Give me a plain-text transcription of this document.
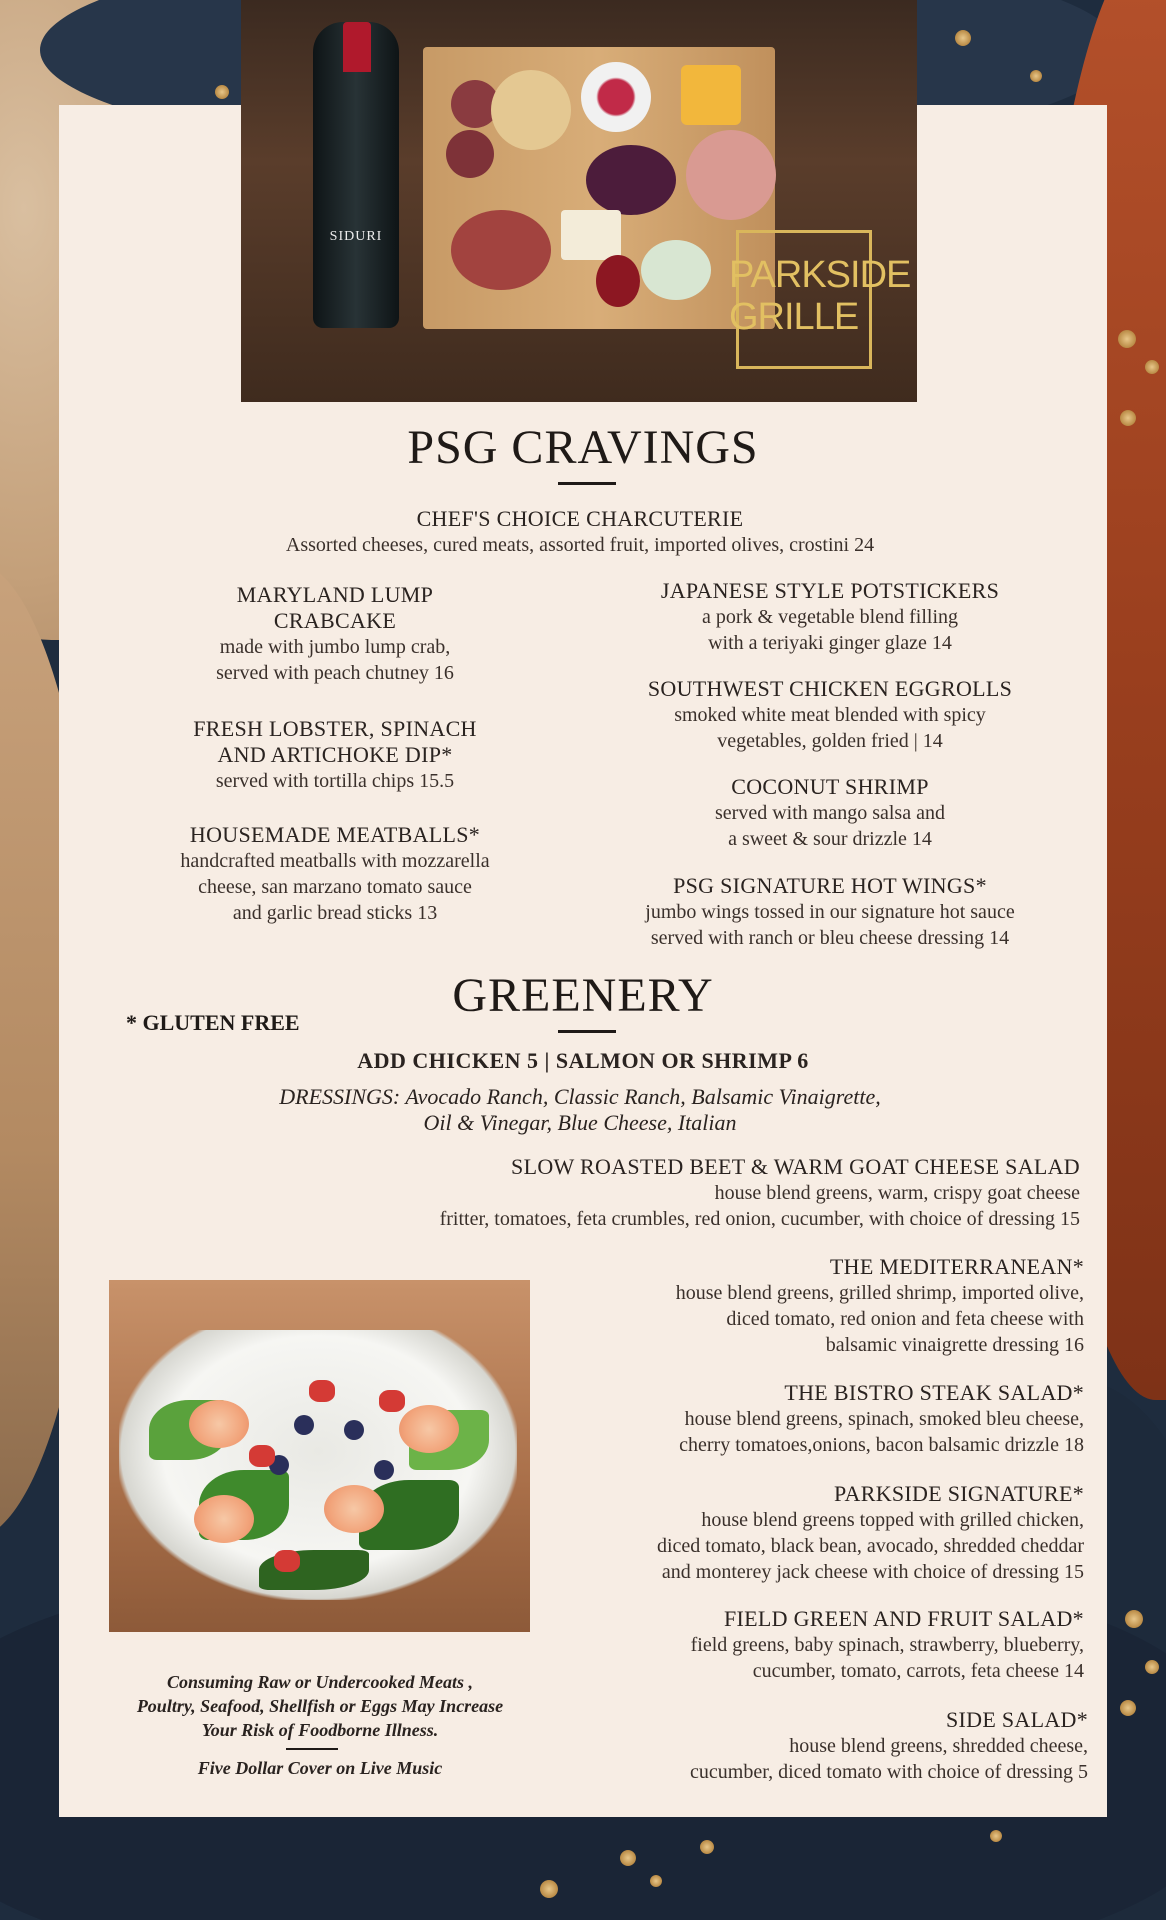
SIDURI
PARKSIDE
GRILLE
PSG CRAVINGS
CHEF'S CHOICE CHARCUTERIE
Assorted cheeses, cured meats, assorted fruit, imported olives, crostini 24
MARYLAND LUMP
CRABCAKE
made with jumbo lump crab,
served with peach chutney 16
FRESH LOBSTER, SPINACH
AND ARTICHOKE DIP*
served with tortilla chips 15.5
HOUSEMADE MEATBALLS*
handcrafted meatballs with mozzarella
cheese, san marzano tomato sauce
and garlic bread sticks 13
JAPANESE STYLE POTSTICKERS
a pork & vegetable blend filling
with a teriyaki ginger glaze 14
SOUTHWEST CHICKEN EGGROLLS
smoked white meat blended with spicy
vegetables, golden fried | 14
COCONUT SHRIMP
served with mango salsa and
a sweet & sour drizzle 14
PSG SIGNATURE HOT WINGS*
jumbo wings tossed in our signature hot sauce
served with ranch or bleu cheese dressing 14
GREENERY
* GLUTEN FREE
ADD CHICKEN 5 | SALMON OR SHRIMP 6
DRESSINGS: Avocado Ranch, Classic Ranch, Balsamic Vinaigrette,
Oil & Vinegar, Blue Cheese, Italian
SLOW ROASTED BEET & WARM GOAT CHEESE SALAD
house blend greens, warm, crispy goat cheese
fritter, tomatoes, feta crumbles, red onion, cucumber, with choice of dressing 15
THE MEDITERRANEAN*
house blend greens, grilled shrimp, imported olive,
diced tomato, red onion and feta cheese with
balsamic vinaigrette dressing 16
THE BISTRO STEAK SALAD*
house blend greens, spinach, smoked bleu cheese,
cherry tomatoes,onions, bacon balsamic drizzle 18
PARKSIDE SIGNATURE*
house blend greens topped with grilled chicken,
diced tomato, black bean, avocado, shredded cheddar
and monterey jack cheese with choice of dressing 15
FIELD GREEN AND FRUIT SALAD*
field greens, baby spinach, strawberry, blueberry,
cucumber, tomato, carrots, feta cheese 14
SIDE SALAD*
house blend greens, shredded cheese,
cucumber, diced tomato with choice of dressing 5
Consuming Raw or Undercooked Meats ,
Poultry, Seafood, Shellfish or Eggs May Increase
Your Risk of Foodborne Illness.
Five Dollar Cover on Live Music
